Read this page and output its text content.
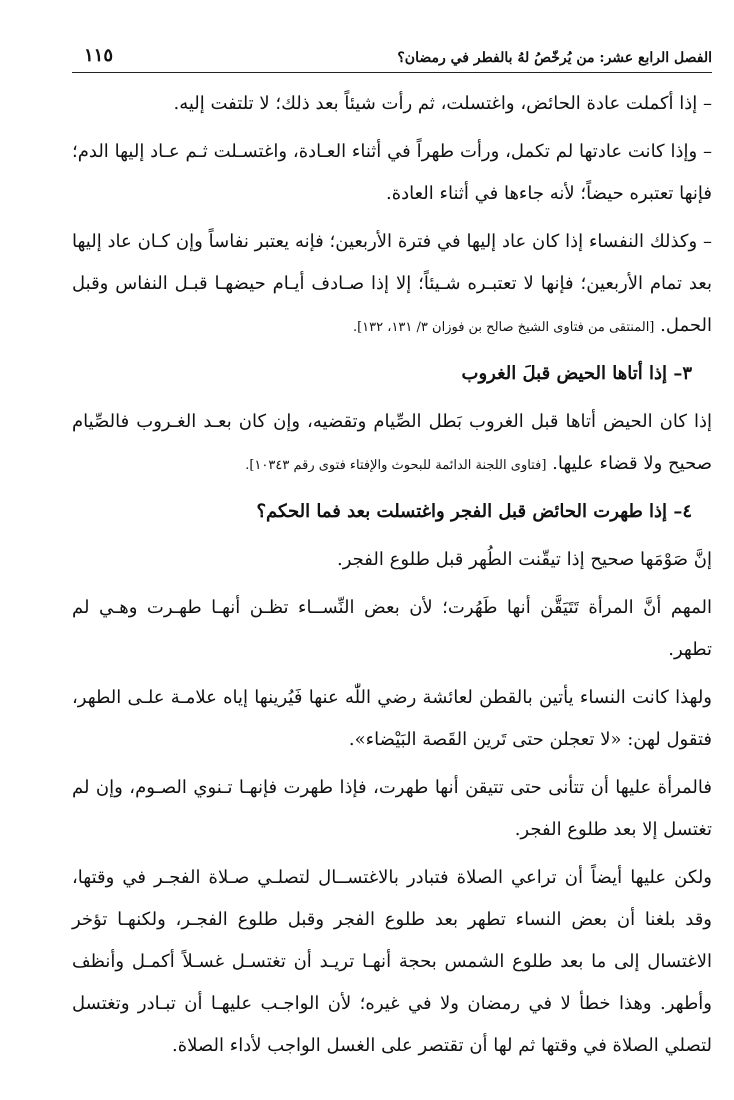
الفصل الرابع عشر: من يُرخّصُ لهُ بالفطر في رمضان؟
١١٥

– إذا أكملت عادة الحائض، واغتسلت، ثم رأت شيئاً بعد ذلك؛ لا تلتفت إليه.

– وإذا كانت عادتها لم تكمل، ورأت طهراً في أثناء العـادة، واغتسـلت ثـم عـاد إليها الدم؛ فإنها تعتبره حيضاً؛ لأنه جاءها في أثناء العادة.

– وكذلك النفساء إذا كان عاد إليها في فترة الأربعين؛ فإنه يعتبر نفاساً وإن كـان عاد إليها بعد تمام الأربعين؛ فإنها لا تعتبـره شـيئاً؛ إلا إذا صـادف أيـام حيضهـا قبـل النفاس وقبل الحمل. [المنتقى من فتاوى الشيخ صالح بن فوزان ٣/ ١٣١، ١٣٢].

٣– إذا أتاها الحيض قبلَ الغروب

إذا كان الحيض أتاها قبل الغروب بَطل الصِّيام وتقضيه، وإن كان بعـد الغـروب فالصِّيام صحيح ولا قضاء عليها. [فتاوى اللجنة الدائمة للبحوث والإفتاء فتوى رقم ١٠٣٤٣].

٤– إذا طهرت الحائض قبل الفجر واغتسلت بعد فما الحكم؟

إنَّ صَوْمَها صحيح إذا تيقّنت الطُهر قبل طلوع الفجر.

المهم أنَّ المرأة تَتَيَقَّن أنها طَهُرت؛ لأن بعض النِّســاء تظـن أنهـا طهـرت وهـي لم تطهر.

ولهذا كانت النساء يأتين بالقطن لعائشة رضي اللّٰه عنها فَيُرينها إياه علامـة علـى الطهر، فتقول لهن: «لا تعجلن حتى تَرين القَصة البَيْضاء».

فالمرأة عليها أن تتأنى حتى تتيقن أنها طهرت، فإذا طهرت فإنهـا تـنوي الصـوم، وإن لم تغتسل إلا بعد طلوع الفجر.

ولكن عليها أيضاً أن تراعي الصلاة فتبادر بالاغتســال لتصلـي صـلاة الفجـر في وقتها، وقد بلغنا أن بعض النساء تطهر بعد طلوع الفجر وقبل طلوع الفجـر، ولكنهـا تؤخر الاغتسال إلى ما بعد طلوع الشمس بحجة أنهـا تريـد أن تغتسـل غسـلاً أكمـل وأنظف وأطهر. وهذا خطأ لا في رمضان ولا في غيره؛ لأن الواجـب عليهـا أن تبـادر وتغتسل لتصلي الصلاة في وقتها ثم لها أن تقتصر على الغسل الواجب لأداء الصلاة.
